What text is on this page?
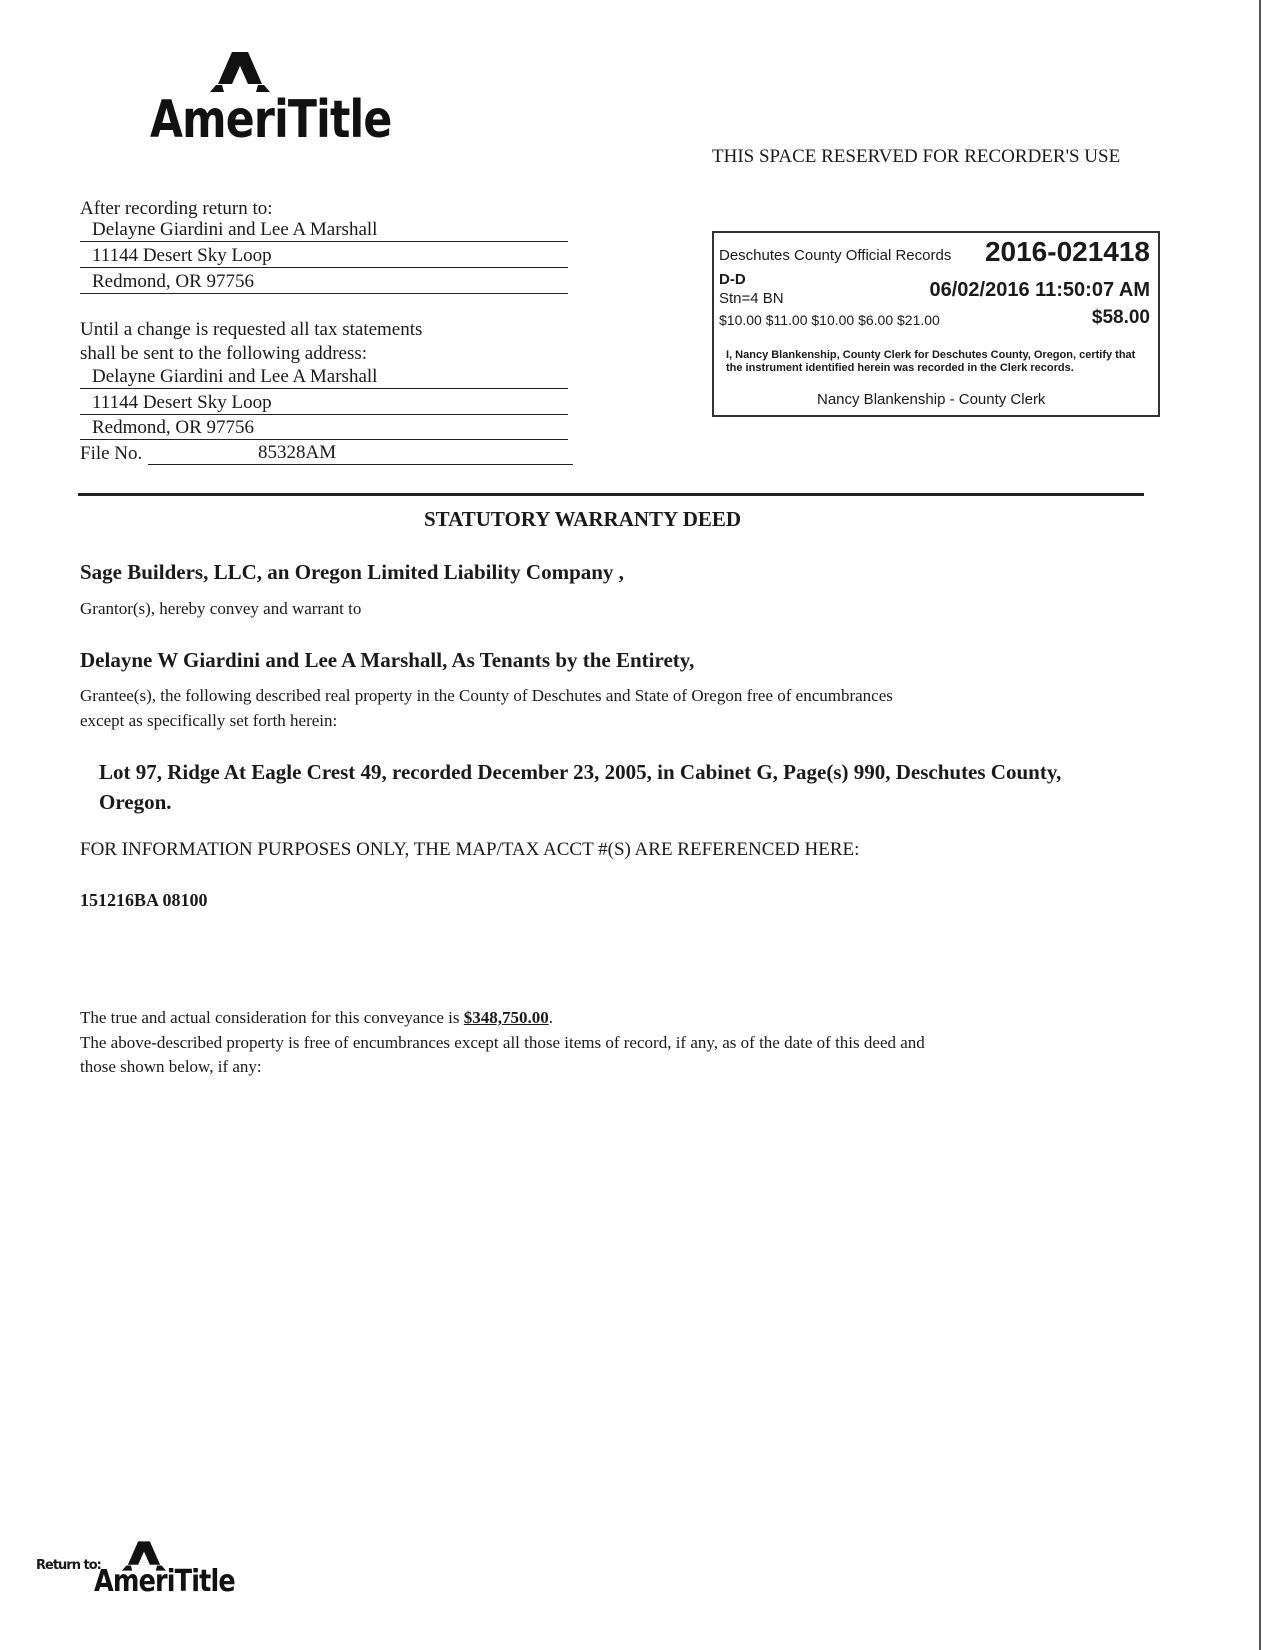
AmeriTitle
THIS SPACE RESERVED FOR RECORDER'S USE
After recording return to:
Delayne Giardini and Lee A Marshall
11144 Desert Sky Loop
Redmond, OR 97756
Until a change is requested all tax statements
shall be sent to the following address:
Delayne Giardini and Lee A Marshall
11144 Desert Sky Loop
Redmond, OR 97756
File No.	85328AM
Deschutes County Official Records 2016-021418
D-D
Stn=4 BN	06/02/2016 11:50:07 AM
$10.00 $11.00 $10.00 $6.00 $21.00	$58.00
I, Nancy Blankenship, County Clerk for Deschutes County, Oregon, certify that the instrument identified herein was recorded in the Clerk records.
Nancy Blankenship - County Clerk
STATUTORY WARRANTY DEED
Sage Builders, LLC, an Oregon Limited Liability Company ,
Grantor(s), hereby convey and warrant to
Delayne W Giardini and Lee A Marshall, As Tenants by the Entirety,
Grantee(s), the following described real property in the County of Deschutes and State of Oregon free of encumbrances
except as specifically set forth herein:
Lot 97, Ridge At Eagle Crest 49, recorded December 23, 2005, in Cabinet G, Page(s) 990, Deschutes County,
Oregon.
FOR INFORMATION PURPOSES ONLY, THE MAP/TAX ACCT #(S) ARE REFERENCED HERE:
151216BA 08100
The true and actual consideration for this conveyance is $348,750.00.
The above-described property is free of encumbrances except all those items of record, if any, as of the date of this deed and
those shown below, if any:
Return to:
AmeriTitle
